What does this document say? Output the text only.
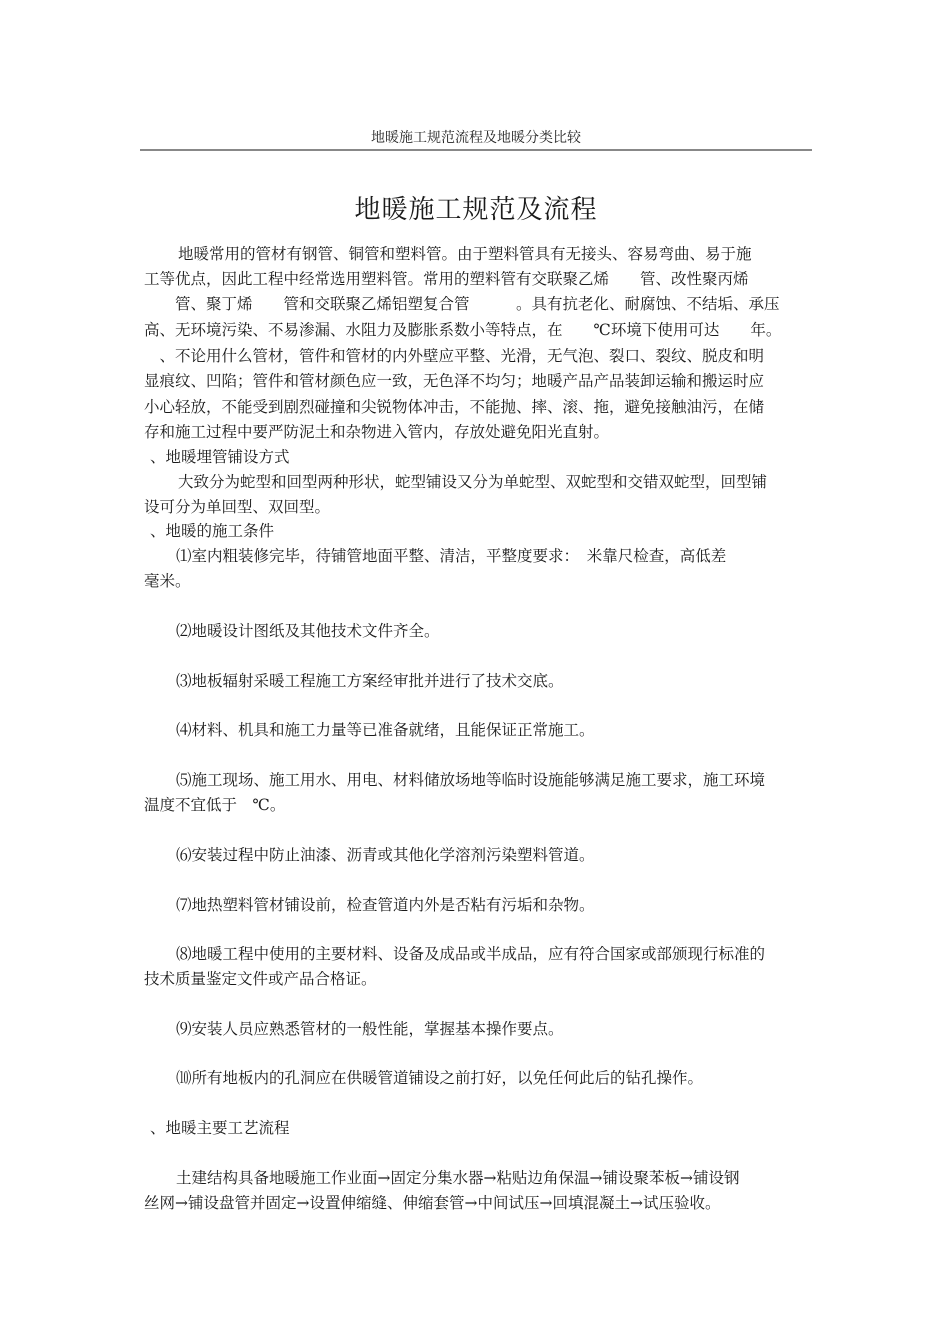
地暖施工规范流程及地暖分类比较
地暖施工规范及流程

地暖常用的管材有钢管、铜管和塑料管。由于塑料管具有无接头、容易弯曲、易于施

工等优点，因此工程中经常选用塑料管。常用的塑料管有交联聚乙烯　　管、改性聚丙烯

　　管、聚丁烯　　管和交联聚乙烯铝塑复合管　　　。具有抗老化、耐腐蚀、不结垢、承压

高、无环境污染、不易渗漏、水阻力及膨胀系数小等特点，在　　℃环境下使用可达　　年。

　、不论用什么管材，管件和管材的内外壁应平整、光滑，无气泡、裂口、裂纹、脱皮和明

显痕纹、凹陷；管件和管材颜色应一致，无色泽不均匀；地暖产品产品装卸运输和搬运时应

小心轻放，不能受到剧烈碰撞和尖锐物体冲击，不能抛、摔、滚、拖，避免接触油污，在储

存和施工过程中要严防泥土和杂物进入管内，存放处避免阳光直射。

、地暖埋管铺设方式

大致分为蛇型和回型两种形状，蛇型铺设又分为单蛇型、双蛇型和交错双蛇型，回型铺

设可分为单回型、双回型。

、地暖的施工条件

⑴室内粗装修完毕，待铺管地面平整、清洁，平整度要求：　米靠尺检查，高低差

毫米。

⑵地暖设计图纸及其他技术文件齐全。

⑶地板辐射采暖工程施工方案经审批并进行了技术交底。

⑷材料、机具和施工力量等已准备就绪，且能保证正常施工。

⑸施工现场、施工用水、用电、材料储放场地等临时设施能够满足施工要求，施工环境

温度不宜低于　℃。

⑹安装过程中防止油漆、沥青或其他化学溶剂污染塑料管道。

⑺地热塑料管材铺设前，检查管道内外是否粘有污垢和杂物。

⑻地暖工程中使用的主要材料、设备及成品或半成品，应有符合国家或部颁现行标准的

技术质量鉴定文件或产品合格证。

⑼安装人员应熟悉管材的一般性能，掌握基本操作要点。

⑽所有地板内的孔洞应在供暖管道铺设之前打好，以免任何此后的钻孔操作。

、地暖主要工艺流程

土建结构具备地暖施工作业面→固定分集水器→粘贴边角保温→铺设聚苯板→铺设钢

丝网→铺设盘管并固定→设置伸缩缝、伸缩套管→中间试压→回填混凝土→试压验收。
